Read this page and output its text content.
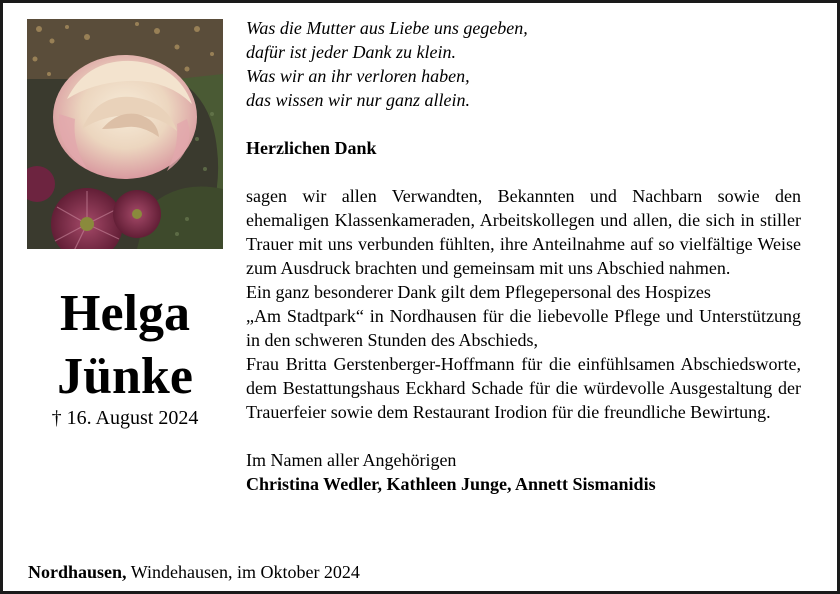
Helga
Jünke
† 16. August 2024
Was die Mutter aus Liebe uns gegeben,
dafür ist jeder Dank zu klein.
Was wir an ihr verloren haben,
das wissen wir nur ganz allein.
Herzlichen Dank
sagen wir allen Verwandten, Bekannten und Nachbarn sowie den ehemaligen Klassenkameraden, Arbeitskollegen und allen, die sich in stiller Trauer mit uns verbunden fühlten, ihre Anteilnahme auf so vielfältige Weise zum Ausdruck brachten und gemeinsam mit uns Abschied nahmen.
Ein ganz besonderer Dank gilt dem Pflegepersonal des Hospizes
„Am Stadtpark“ in Nordhausen für die liebevolle Pflege und Unterstützung in den schweren Stunden des Abschieds,
Frau Britta Gerstenberger-Hoffmann für die einfühlsamen Abschiedsworte, dem Bestattungshaus Eckhard Schade für die würdevolle Ausgestaltung der Trauerfeier sowie dem Restaurant Irodion für die freundliche Bewirtung.
Im Namen aller Angehörigen
Christina Wedler, Kathleen Junge, Annett Sismanidis
Nordhausen, Windehausen, im Oktober 2024
